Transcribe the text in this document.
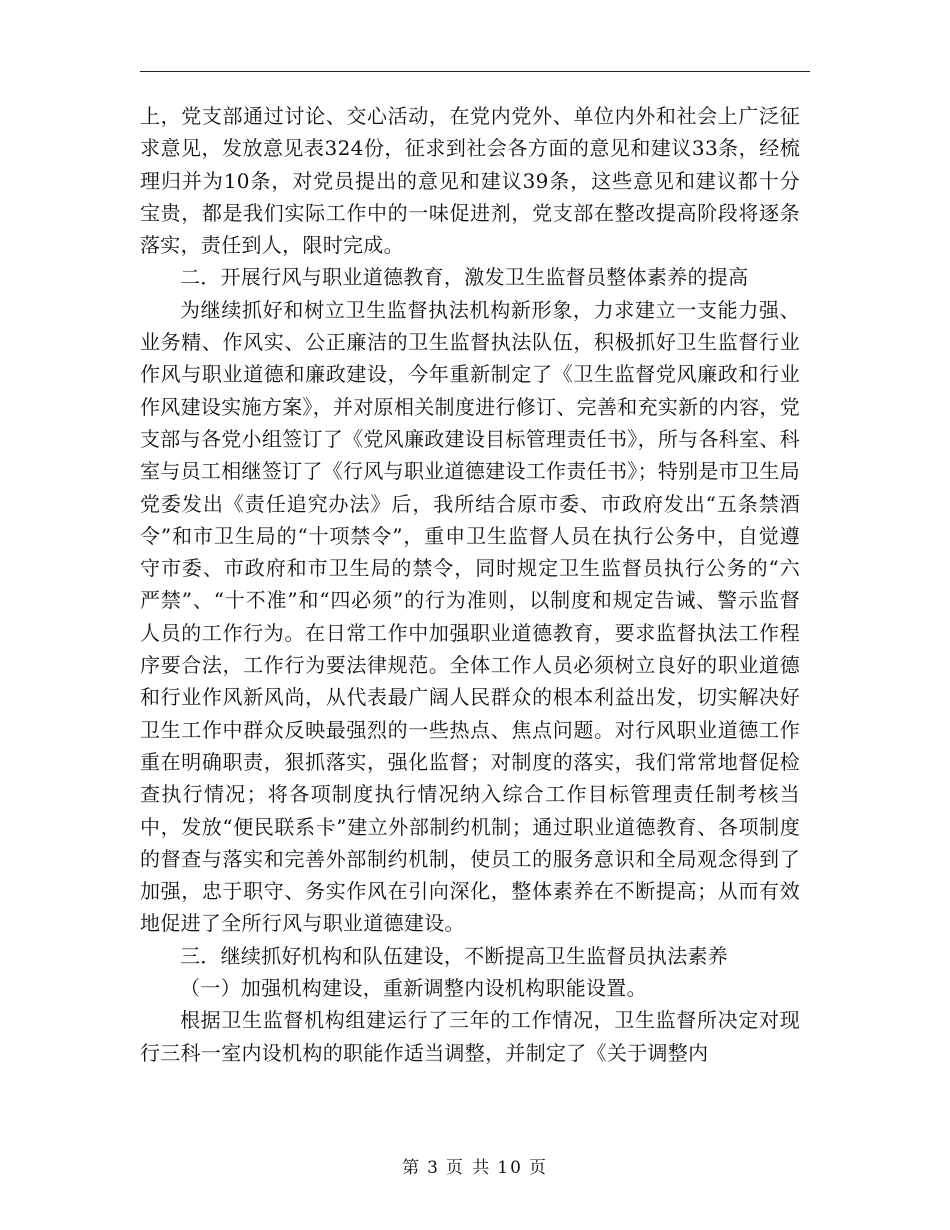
上，党支部通过讨论、交心活动，在党内党外、单位内外和社会上广泛征求意见，发放意见表324份，征求到社会各方面的意见和建议33条，经梳理归并为10条，对党员提出的意见和建议39条，这些意见和建议都十分宝贵，都是我们实际工作中的一味促进剂，党支部在整改提高阶段将逐条落实，责任到人，限时完成。

二．开展行风与职业道德教育，激发卫生监督员整体素养的提高

为继续抓好和树立卫生监督执法机构新形象，力求建立一支能力强、业务精、作风实、公正廉洁的卫生监督执法队伍，积极抓好卫生监督行业作风与职业道德和廉政建设，今年重新制定了《卫生监督党风廉政和行业作风建设实施方案》，并对原相关制度进行修订、完善和充实新的内容，党支部与各党小组签订了《党风廉政建设目标管理责任书》，所与各科室、科室与员工相继签订了《行风与职业道德建设工作责任书》；特别是市卫生局党委发出《责任追究办法》后，我所结合原市委、市政府发出“五条禁酒令”和市卫生局的“十项禁令”，重申卫生监督人员在执行公务中，自觉遵守市委、市政府和市卫生局的禁令，同时规定卫生监督员执行公务的“六严禁”、“十不准”和“四必须”的行为准则，以制度和规定告诫、警示监督人员的工作行为。在日常工作中加强职业道德教育，要求监督执法工作程序要合法，工作行为要法律规范。全体工作人员必须树立良好的职业道德和行业作风新风尚，从代表最广阔人民群众的根本利益出发，切实解决好卫生工作中群众反映最强烈的一些热点、焦点问题。对行风职业道德工作重在明确职责，狠抓落实，强化监督；对制度的落实，我们常常地督促检查执行情况；将各项制度执行情况纳入综合工作目标管理责任制考核当中，发放“便民联系卡”建立外部制约机制；通过职业道德教育、各项制度的督查与落实和完善外部制约机制，使员工的服务意识和全局观念得到了加强，忠于职守、务实作风在引向深化，整体素养在不断提高；从而有效地促进了全所行风与职业道德建设。

三．继续抓好机构和队伍建设，不断提高卫生监督员执法素养

（一）加强机构建设，重新调整内设机构职能设置。

根据卫生监督机构组建运行了三年的工作情况，卫生监督所决定对现行三科一室内设机构的职能作适当调整，并制定了《关于调整内

第 3 页 共 10 页
